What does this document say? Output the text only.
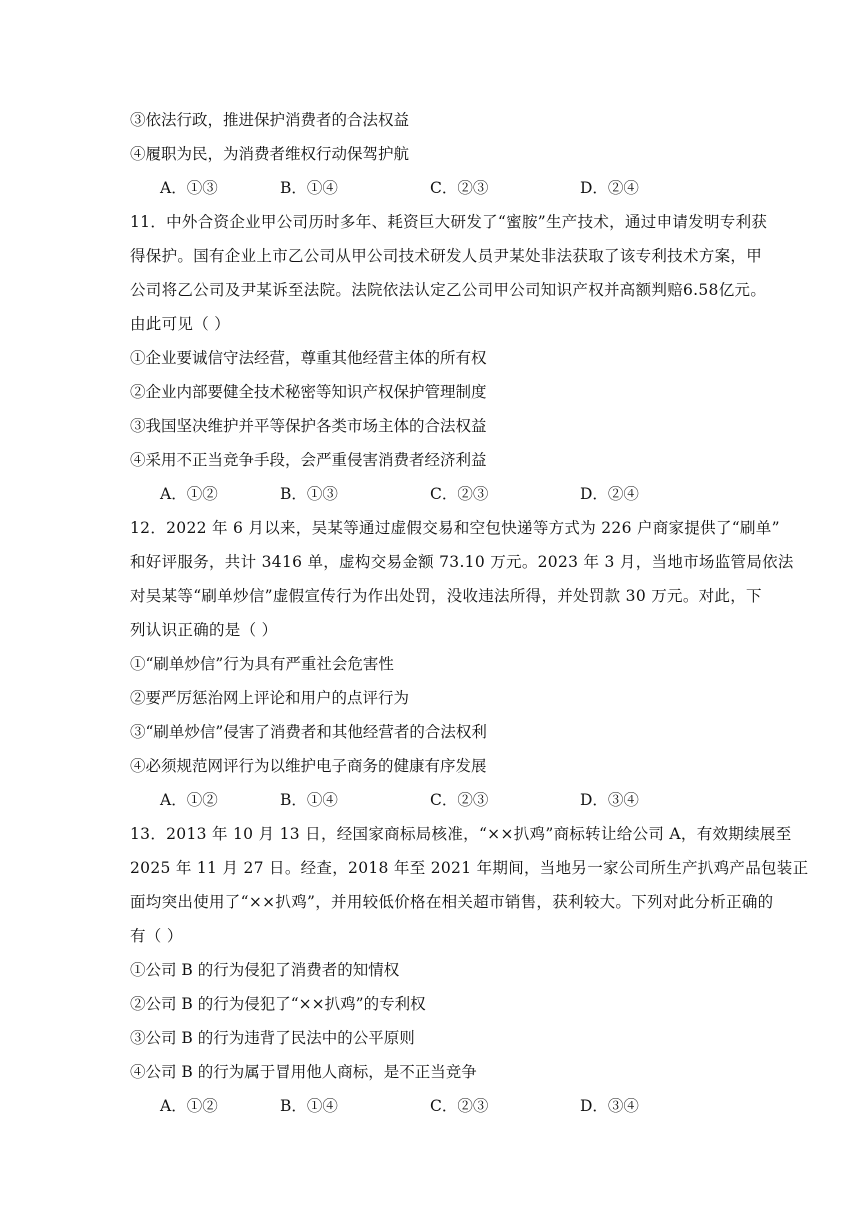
③依法行政，推进保护消费者的合法权益
④履职为民，为消费者维权行动保驾护航
A．①③	B．①④	C．②③	D．②④
11．中外合资企业甲公司历时多年、耗资巨大研发了“蜜胺”生产技术，通过申请发明专利获
得保护。国有企业上市乙公司从甲公司技术研发人员尹某处非法获取了该专利技术方案，甲
公司将乙公司及尹某诉至法院。法院依法认定乙公司甲公司知识产权并高额判赔6.58亿元。
由此可见（ ）
①企业要诚信守法经营，尊重其他经营主体的所有权
②企业内部要健全技术秘密等知识产权保护管理制度
③我国坚决维护并平等保护各类市场主体的合法权益
④采用不正当竞争手段，会严重侵害消费者经济利益
A．①②	B．①③	C．②③	D．②④
12．2022 年 6 月以来，吴某等通过虚假交易和空包快递等方式为 226 户商家提供了“刷单”
和好评服务，共计 3416 单，虚构交易金额 73.10 万元。2023 年 3 月，当地市场监管局依法
对吴某等“刷单炒信”虚假宣传行为作出处罚，没收违法所得，并处罚款 30 万元。对此，下
列认识正确的是（ ）
①“刷单炒信”行为具有严重社会危害性
②要严厉惩治网上评论和用户的点评行为
③“刷单炒信”侵害了消费者和其他经营者的合法权利
④必须规范网评行为以维护电子商务的健康有序发展
A．①②	B．①④	C．②③	D．③④
13．2013 年 10 月 13 日，经国家商标局核准，“××扒鸡”商标转让给公司 A，有效期续展至
2025 年 11 月 27 日。经查，2018 年至 2021 年期间，当地另一家公司所生产扒鸡产品包装正
面均突出使用了“××扒鸡”，并用较低价格在相关超市销售，获利较大。下列对此分析正确的
有（ ）
①公司 B 的行为侵犯了消费者的知情权
②公司 B 的行为侵犯了“××扒鸡”的专利权
③公司 B 的行为违背了民法中的公平原则
④公司 B 的行为属于冒用他人商标，是不正当竞争
A．①②	B．①④	C．②③	D．③④
